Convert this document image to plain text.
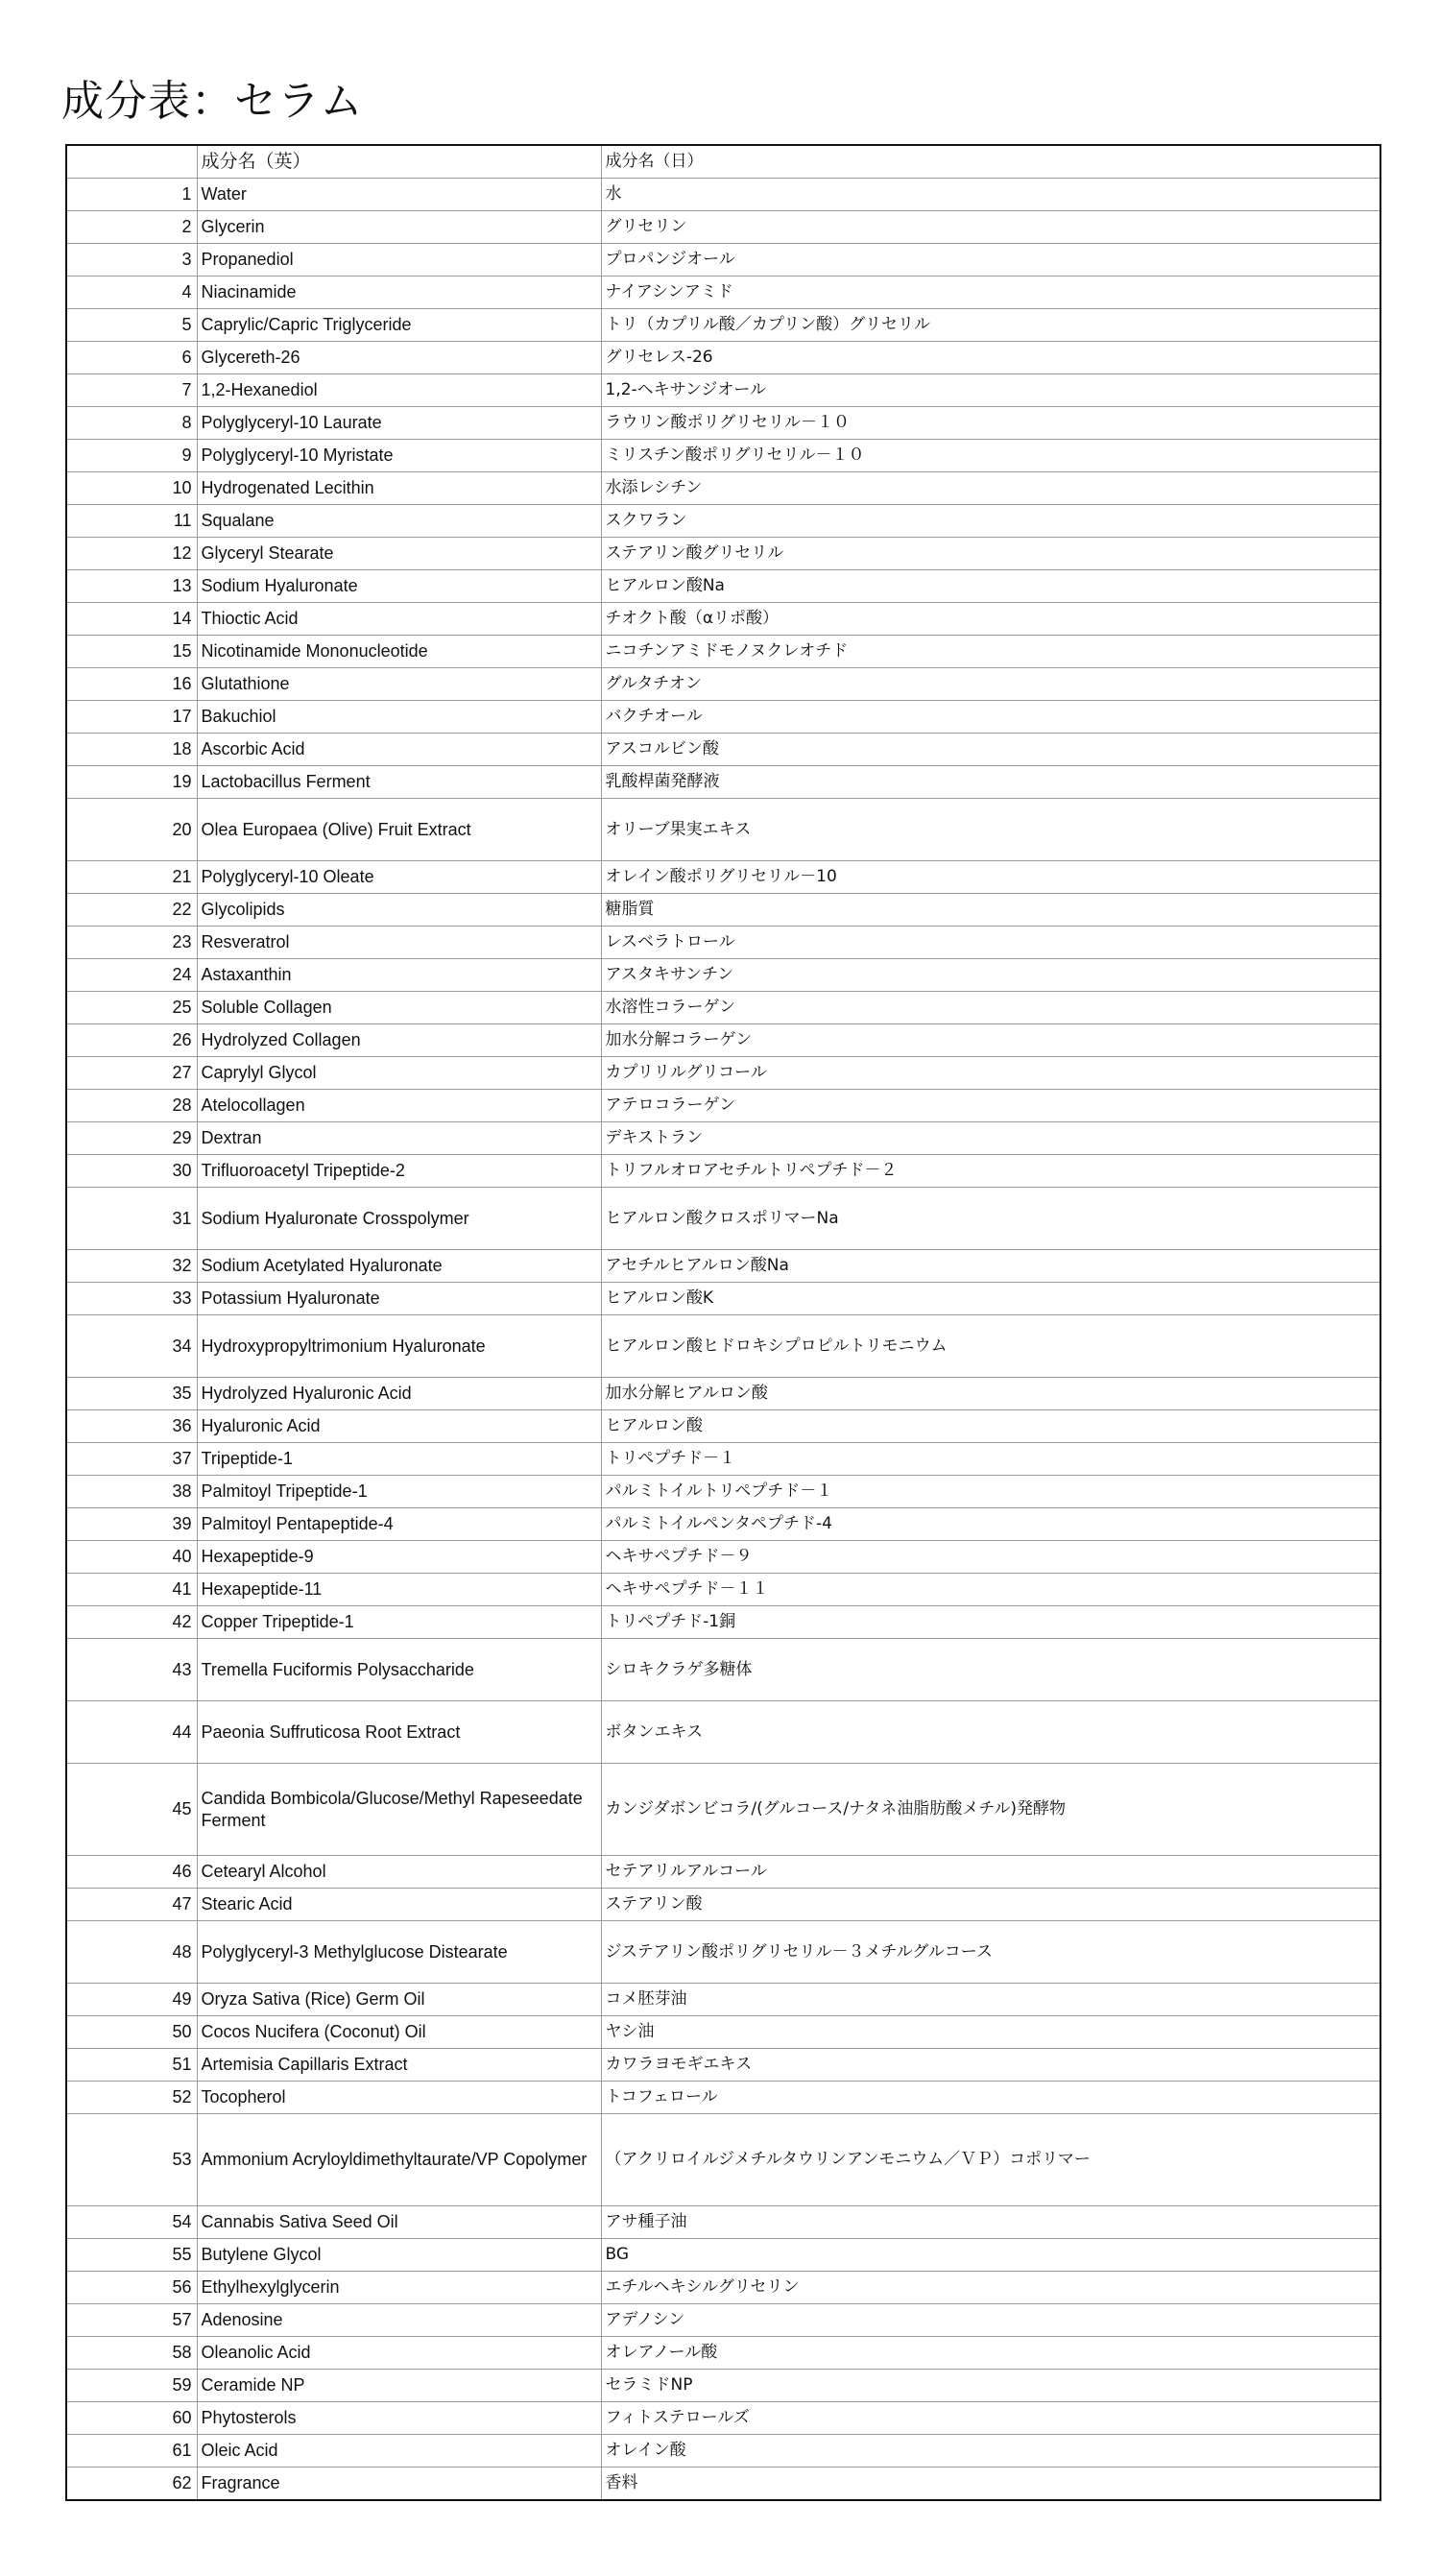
成分表：セラム
	成分名（英）	成分名（日）
1	Water	水
2	Glycerin	グリセリン
3	Propanediol	プロパンジオール
4	Niacinamide	ナイアシンアミド
5	Caprylic/Capric Triglyceride	トリ（カプリル酸／カプリン酸）グリセリル
6	Glycereth-26	グリセレス-26
7	1,2-Hexanediol	1,2-ヘキサンジオール
8	Polyglyceryl-10 Laurate	ラウリン酸ポリグリセリル－１０
9	Polyglyceryl-10 Myristate	ミリスチン酸ポリグリセリル－１０
10	Hydrogenated Lecithin	水添レシチン
11	Squalane	スクワラン
12	Glyceryl Stearate	ステアリン酸グリセリル
13	Sodium Hyaluronate	ヒアルロン酸Na
14	Thioctic Acid	チオクト酸（αリポ酸）
15	Nicotinamide Mononucleotide	ニコチンアミドモノヌクレオチド
16	Glutathione	グルタチオン
17	Bakuchiol	バクチオール
18	Ascorbic Acid	アスコルビン酸
19	Lactobacillus Ferment	乳酸桿菌発酵液
20	Olea Europaea (Olive) Fruit Extract	オリーブ果実エキス
21	Polyglyceryl-10 Oleate	オレイン酸ポリグリセリル－10
22	Glycolipids	糖脂質
23	Resveratrol	レスベラトロール
24	Astaxanthin	アスタキサンチン
25	Soluble Collagen	水溶性コラーゲン
26	Hydrolyzed Collagen	加水分解コラーゲン
27	Caprylyl Glycol	カプリリルグリコール
28	Atelocollagen	アテロコラーゲン
29	Dextran	デキストラン
30	Trifluoroacetyl Tripeptide-2	トリフルオロアセチルトリペプチド－２
31	Sodium Hyaluronate Crosspolymer	ヒアルロン酸クロスポリマーNa
32	Sodium Acetylated Hyaluronate	アセチルヒアルロン酸Na
33	Potassium Hyaluronate	ヒアルロン酸K
34	Hydroxypropyltrimonium Hyaluronate	ヒアルロン酸ヒドロキシプロピルトリモニウム
35	Hydrolyzed Hyaluronic Acid	加水分解ヒアルロン酸
36	Hyaluronic Acid	ヒアルロン酸
37	Tripeptide-1	トリペプチド－１
38	Palmitoyl Tripeptide-1	パルミトイルトリペプチド－１
39	Palmitoyl Pentapeptide-4	パルミトイルペンタペプチド-4
40	Hexapeptide-9	ヘキサペプチド－９
41	Hexapeptide-11	ヘキサペプチド－１１
42	Copper Tripeptide-1	トリペプチド-1銅
43	Tremella Fuciformis Polysaccharide	シロキクラゲ多糖体
44	Paeonia Suffruticosa Root Extract	ボタンエキス
45	Candida Bombicola/Glucose/Methyl Rapeseedate Ferment	カンジダボンビコラ/(グルコース/ナタネ油脂肪酸メチル)発酵物
46	Cetearyl Alcohol	セテアリルアルコール
47	Stearic Acid	ステアリン酸
48	Polyglyceryl-3 Methylglucose Distearate	ジステアリン酸ポリグリセリル－３メチルグルコース
49	Oryza Sativa (Rice) Germ Oil	コメ胚芽油
50	Cocos Nucifera (Coconut) Oil	ヤシ油
51	Artemisia Capillaris Extract	カワラヨモギエキス
52	Tocopherol	トコフェロール
53	Ammonium Acryloyldimethyltaurate/VP Copolymer	（アクリロイルジメチルタウリンアンモニウム／ＶＰ）コポリマー
54	Cannabis Sativa Seed Oil	アサ種子油
55	Butylene Glycol	BG
56	Ethylhexylglycerin	エチルヘキシルグリセリン
57	Adenosine	アデノシン
58	Oleanolic Acid	オレアノール酸
59	Ceramide NP	セラミドNP
60	Phytosterols	フィトステロールズ
61	Oleic Acid	オレイン酸
62	Fragrance	香料
